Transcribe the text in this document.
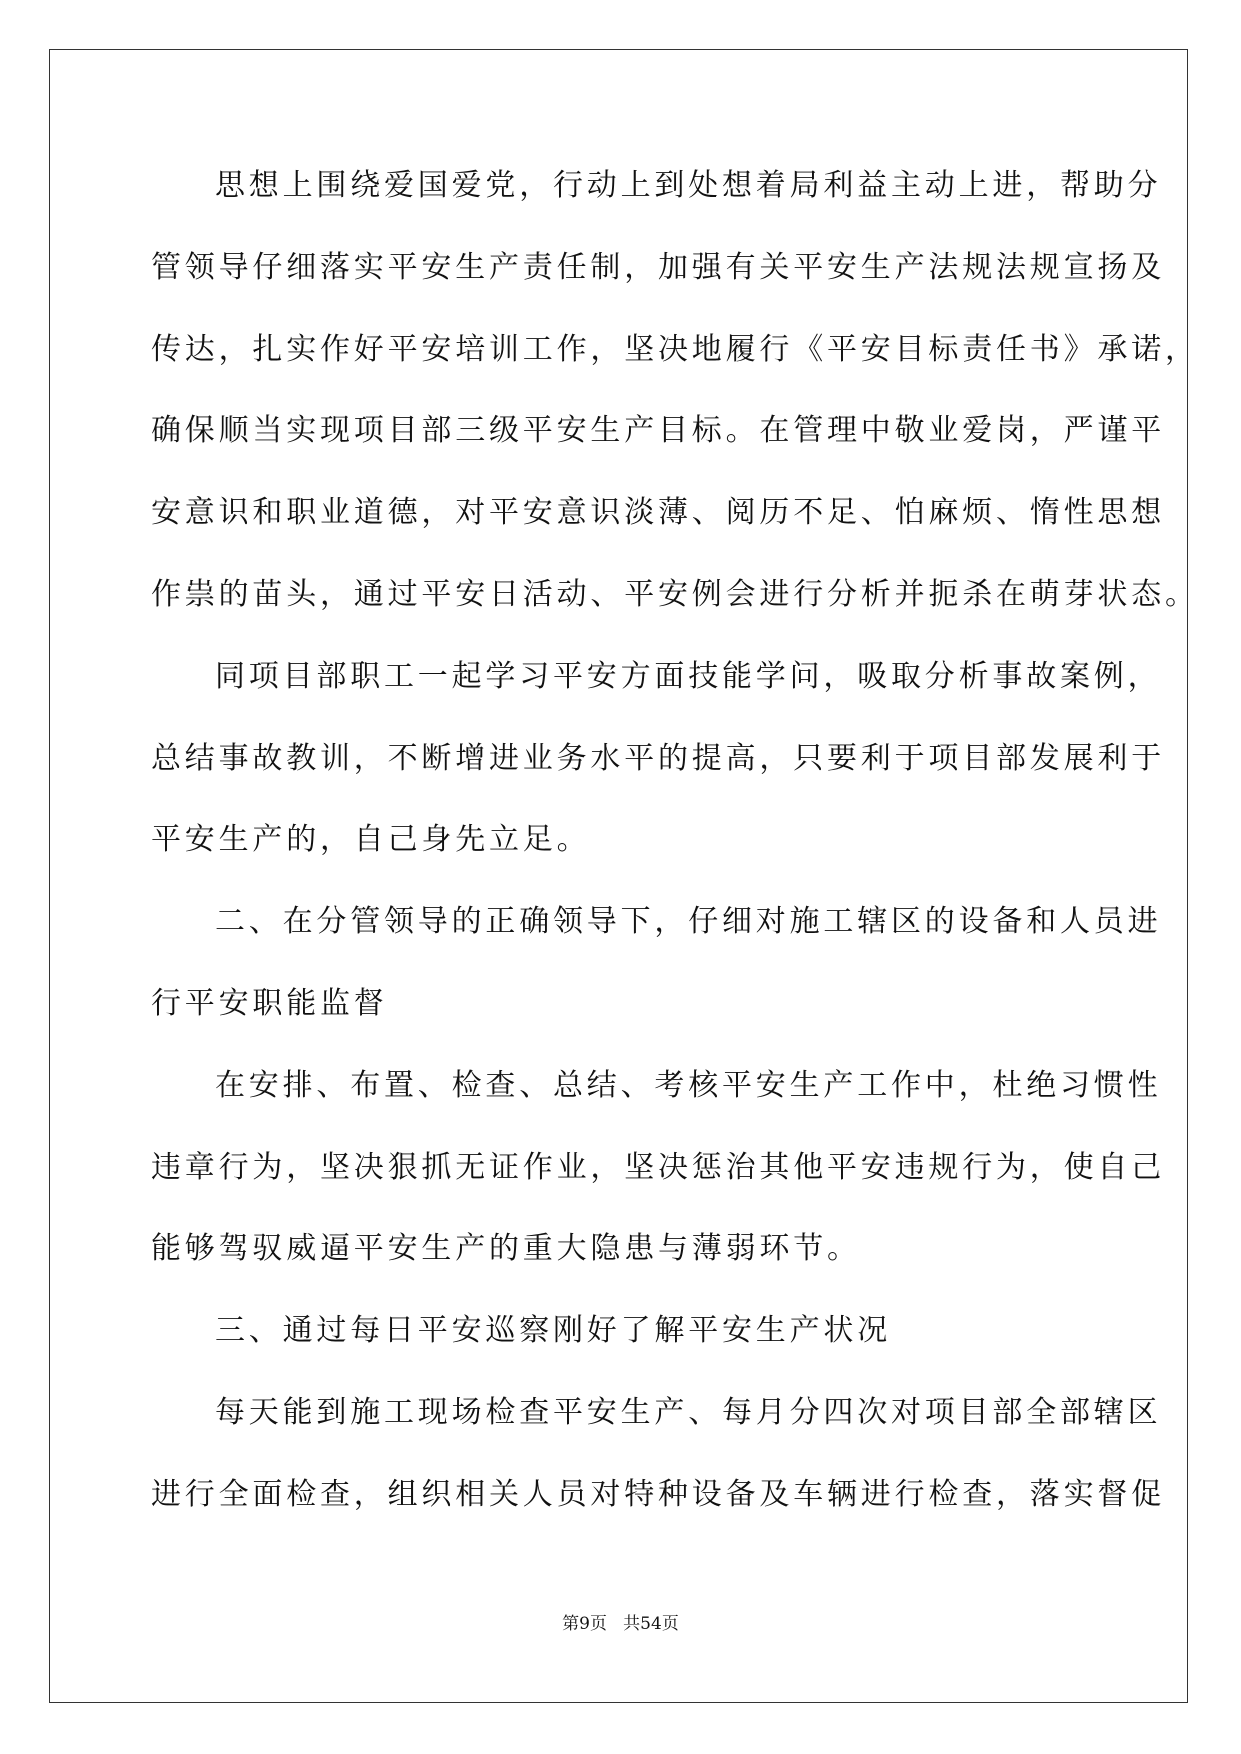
思想上围绕爱国爱党，行动上到处想着局利益主动上进，帮助分
管领导仔细落实平安生产责任制，加强有关平安生产法规法规宣扬及
传达，扎实作好平安培训工作，坚决地履行《平安目标责任书》承诺，
确保顺当实现项目部三级平安生产目标。在管理中敬业爱岗，严谨平
安意识和职业道德，对平安意识淡薄、阅历不足、怕麻烦、惰性思想
作祟的苗头，通过平安日活动、平安例会进行分析并扼杀在萌芽状态。
同项目部职工一起学习平安方面技能学问，吸取分析事故案例，
总结事故教训，不断增进业务水平的提高，只要利于项目部发展利于
平安生产的，自己身先立足。
二、在分管领导的正确领导下，仔细对施工辖区的设备和人员进
行平安职能监督
在安排、布置、检查、总结、考核平安生产工作中，杜绝习惯性
违章行为，坚决狠抓无证作业，坚决惩治其他平安违规行为，使自己
能够驾驭威逼平安生产的重大隐患与薄弱环节。
三、通过每日平安巡察刚好了解平安生产状况
每天能到施工现场检查平安生产、每月分四次对项目部全部辖区
进行全面检查，组织相关人员对特种设备及车辆进行检查，落实督促
第9页   共54页
